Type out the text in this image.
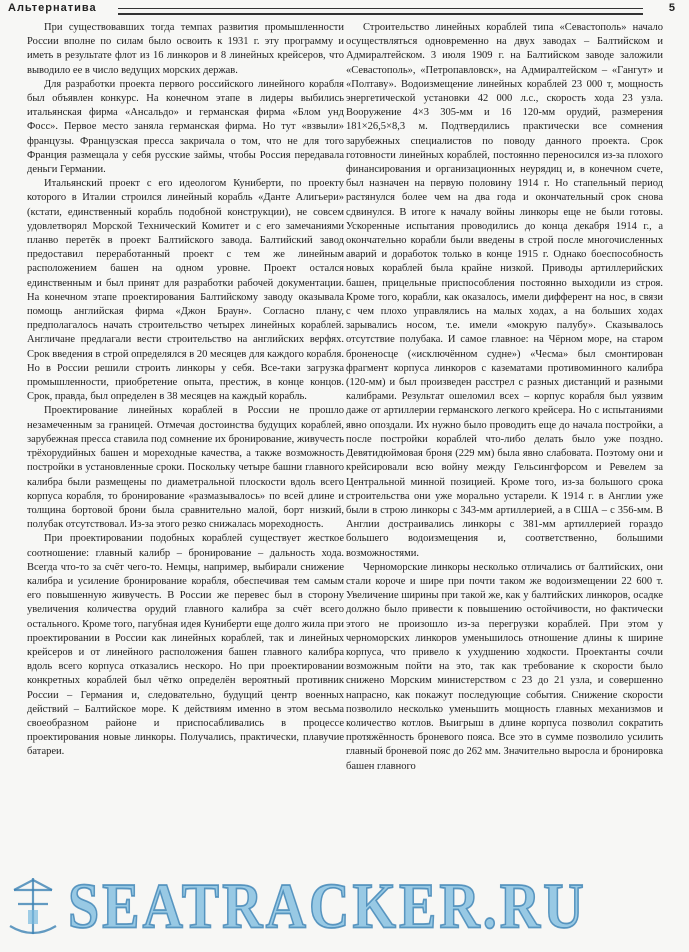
Альтернатива	5

При существовавших тогда темпах развития промышленности России вполне по силам было освоить к 1931 г. эту программу и иметь в результате флот из 16 линкоров и 8 линейных крейсеров, что выводило ее в число ведущих морских держав.

Для разработки проекта первого российского линейного корабля был объявлен конкурс. На конечном этапе в лидеры выбились итальянская фирма «Ансальдо» и германская фирма «Блом унд Фосс». Первое место заняла германская фирма. Но тут «взвыли» французы. Французская пресса закричала о том, что не для того Франция размещала у себя русские займы, чтобы Россия передавала деньги Германии.

Итальянский проект с его идеологом Куниберти, по проекту которого в Италии строился линейный корабль «Данте Алигьери» (кстати, единственный корабль подобной конструкции), не совсем удовлетворял Морской Технический Комитет и с его замечаниями планво перетёк в проект Балтийского завода. Балтийский завод предоставил переработанный проект с тем же линейным расположением башен на одном уровне. Проект остался единственным и был принят для разработки рабочей документации. На конечном этапе проектирования Балтийскому заводу оказывала помощь английская фирма «Джон Браун». Согласно плану, предполагалось начать строительство четырех линейных кораблей. Англичане предлагали вести строительство на английских верфях. Срок введения в строй определялся в 20 месяцев для каждого корабля. Но в России решили строить линкоры у себя. Все-таки загрузка промышленности, приобретение опыта, престиж, в конце концов. Срок, правда, был определен в 38 месяцев на каждый корабль.

Проектирование линейных кораблей в России не прошло незамеченным за границей. Отмечая достоинства будущих кораблей, зарубежная пресса ставила под сомнение их бронирование, живучесть трёхорудийных башен и мореходные качества, а также возможность постройки в установленные сроки. Поскольку четыре башни главного калибра были размещены по диаметральной плоскости вдоль всего корпуса корабля, то бронирование «размазывалось» по всей длине и толщина бортовой брони была сравнительно малой, борт низкий, полубак отсутствовал. Из-за этого резко снижалась мореходность.

При проектировании подобных кораблей существует жесткое соотношение: главный калибр – бронирование – дальность хода. Всегда что-то за счёт чего-то. Немцы, например, выбирали снижение калибра и усиление бронирование корабля, обеспечивая тем самым его повышенную живучесть. В России же перевес был в сторону увеличения количества орудий главного калибра за счёт всего остального. Кроме того, пагубная идея Куниберти еще долго жила при проектировании в России как линейных кораблей, так и линейных крейсеров и от линейного расположения башен главного калибра вдоль всего корпуса отказались нескоро. Но при проектировании конкретных кораблей был чётко определён вероятный противник России – Германия и, следовательно, будущий центр военных действий – Балтийское море. К действиям именно в этом весьма своеобразном районе и приспосабливались в процессе проектирования новые линкоры. Получались, практически, плавучие батареи.

Строительство линейных кораблей типа «Севастополь» начало осуществляться одновременно на двух заводах – Балтийском и Адмиралтейском. 3 июля 1909 г. на Балтийском заводе заложили «Севастополь», «Петропавловск», на Адмиралтейском – «Гангут» и «Полтаву». Водоизмещение линейных кораблей 23 000 т, мощность энергетической установки 42 000 л.с., скорость хода 23 узла. Вооружение 4×3 305-мм и 16 120-мм орудий, размерения 181×26,5×8,3 м. Подтвердились практически все сомнения зарубежных специалистов по поводу данного проекта. Срок готовности линейных кораблей, постоянно переносился из-за плохого финансирования и организационных неурядиц и, в конечном счете, был назначен на первую половину 1914 г. Но стапельный период растянулся более чем на два года и окончательный срок снова сдвинулся. В итоге к началу войны линкоры еще не были готовы. Ускоренные испытания проводились до конца декабря 1914 г., а окончательно корабли были введены в строй после многочисленных аварий и доработок только в конце 1915 г. Однако боеспособность новых кораблей была крайне низкой. Приводы артиллерийских башен, прицельные приспособления постоянно выходили из строя. Кроме того, корабли, как оказалось, имели дифферент на нос, в связи с чем плохо управлялись на малых ходах, а на больших ходах зарывались носом, т.е. имели «мокрую палубу». Сказывалось отсутствие полубака. И самое главное: на Чёрном море, на старом броненосце («исключённом судне») «Чесма» был смонтирован фрагмент корпуса линкоров с казематами противоминного калибра (120-мм) и был произведен расстрел с разных дистанций и разными калибрами. Результат ошеломил всех – корпус корабля был уязвим даже от артиллерии германского легкого крейсера. Но с испытаниями явно опоздали. Их нужно было проводить еще до начала постройки, а после постройки кораблей что-либо делать было уже поздно. Девятидюймовая броня (229 мм) была явно слабовата. Поэтому они и крейсировали всю войну между Гельсингфорсом и Ревелем за Центральной минной позицией. Кроме того, из-за большого срока строительства они уже морально устарели. К 1914 г. в Англии уже были в строю линкоры с 343-мм артиллерией, а в США – с 356-мм. В Англии достраивались линкоры с 381-мм артиллерией гораздо большего водоизмещения и, соответственно, большими возможностями.

Черноморские линкоры несколько отличались от балтийских, они стали короче и шире при почти таком же водоизмещении 22 600 т. Увеличение ширины при такой же, как у балтийских линкоров, осадке должно было привести к повышению остойчивости, но фактически этого не произошло из-за перегрузки кораблей. При этом у черноморских линкоров уменьшилось отношение длины к ширине корпуса, что привело к ухудшению ходкости. Проектанты сочли возможным пойти на это, так как требование к скорости было снижено Морским министерством с 23 до 21 узла, и совершенно напрасно, как покажут последующие события. Снижение скорости позволило несколько уменьшить мощность главных механизмов и количество котлов. Выигрыш в длине корпуса позволил сократить протяжённость броневого пояса. Все это в сумме позволило усилить главный броневой пояс до 262 мм. Значительно выросла и бронировка башен главного

SEATRACKER.RU
